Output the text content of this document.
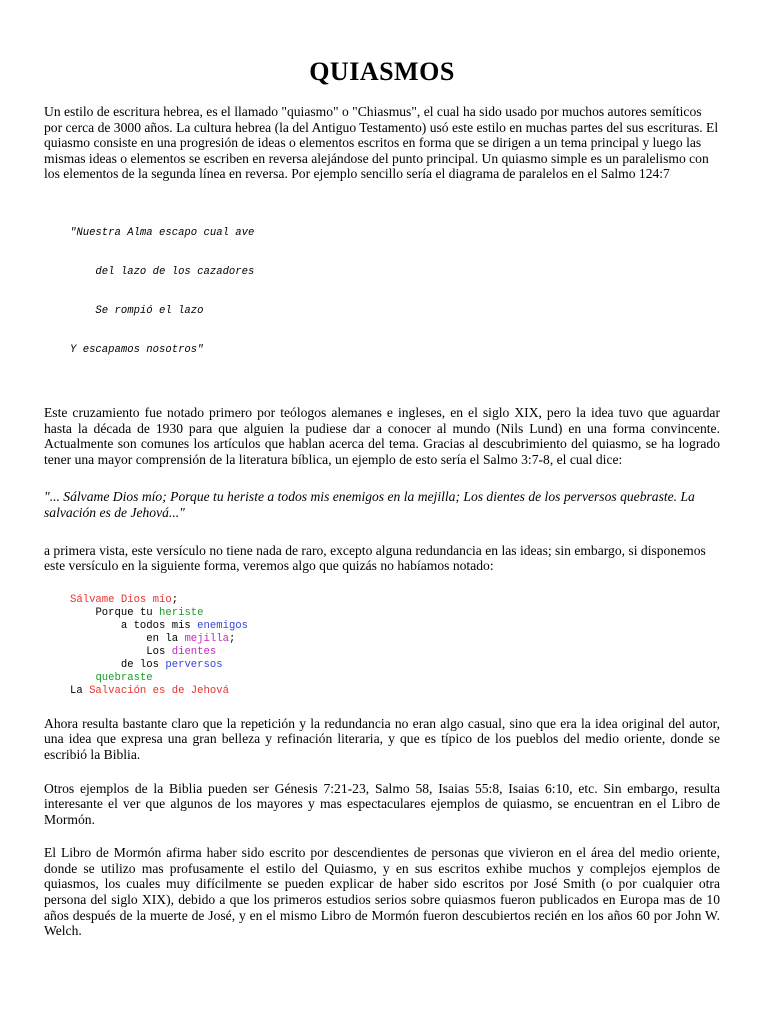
QUIASMOS

Un estilo de escritura hebrea, es el llamado "quiasmo" o "Chiasmus", el cual ha sido usado por muchos autores semíticos por cerca de 3000 años. La cultura hebrea (la del Antiguo Testamento) usó este estilo en muchas partes del sus escrituras. El quiasmo consiste en una progresión de ideas o elementos escritos en forma que se dirigen a un tema principal y luego las mismas ideas o elementos se escriben en reversa alejándose del punto principal. Un quiasmo simple es un paralelismo con los elementos de la segunda línea en reversa. Por ejemplo sencillo sería el diagrama de paralelos en el Salmo 124:7

"Nuestra Alma escapo cual ave

del lazo de los cazadores

Se rompió el lazo

Y escapamos nosotros"

Este cruzamiento fue notado primero por teólogos alemanes e ingleses, en el siglo XIX, pero la idea tuvo que aguardar hasta la década de 1930 para que alguien la pudiese dar a conocer al mundo (Nils Lund) en una forma convincente. Actualmente son comunes los artículos que hablan acerca del tema. Gracias al descubrimiento del quiasmo, se ha logrado tener una mayor comprensión de la literatura bíblica, un ejemplo de esto sería el Salmo 3:7-8, el cual dice:

"... Sálvame Dios mío; Porque tu heriste a todos mis enemigos en la mejilla; Los dientes de los perversos quebraste. La salvación es de Jehová..."

a primera vista, este versículo no tiene nada de raro, excepto alguna redundancia en las ideas; sin embargo, si disponemos este versículo en la siguiente forma, veremos algo que quizás no habíamos notado:

Sálvame Dios mío;
Porque tu heriste
a todos mis enemigos
en la mejilla;
Los dientes
de los perversos
quebraste
La Salvación es de Jehová

Ahora resulta bastante claro que la repetición y la redundancia no eran algo casual, sino que era la idea original del autor, una idea que expresa una gran belleza y refinación literaria, y que es típico de los pueblos del medio oriente, donde se escribió la Biblia.

Otros ejemplos de la Biblia pueden ser Génesis 7:21-23, Salmo 58, Isaias 55:8, Isaias 6:10, etc. Sin embargo, resulta interesante el ver que algunos de los mayores y mas espectaculares ejemplos de quiasmo, se encuentran en el Libro de Mormón.

El Libro de Mormón afirma haber sido escrito por descendientes de personas que vivieron en el área del medio oriente, donde se utilizo mas profusamente el estilo del Quiasmo, y en sus escritos exhibe muchos y complejos ejemplos de quiasmos, los cuales muy difícilmente se pueden explicar de haber sido escritos por José Smith (o por cualquier otra persona del siglo XIX), debido a que los primeros estudios serios sobre quiasmos fueron publicados en Europa mas de 10 años después de la muerte de José, y en el mismo Libro de Mormón fueron descubiertos recién en los años 60 por John W. Welch.
